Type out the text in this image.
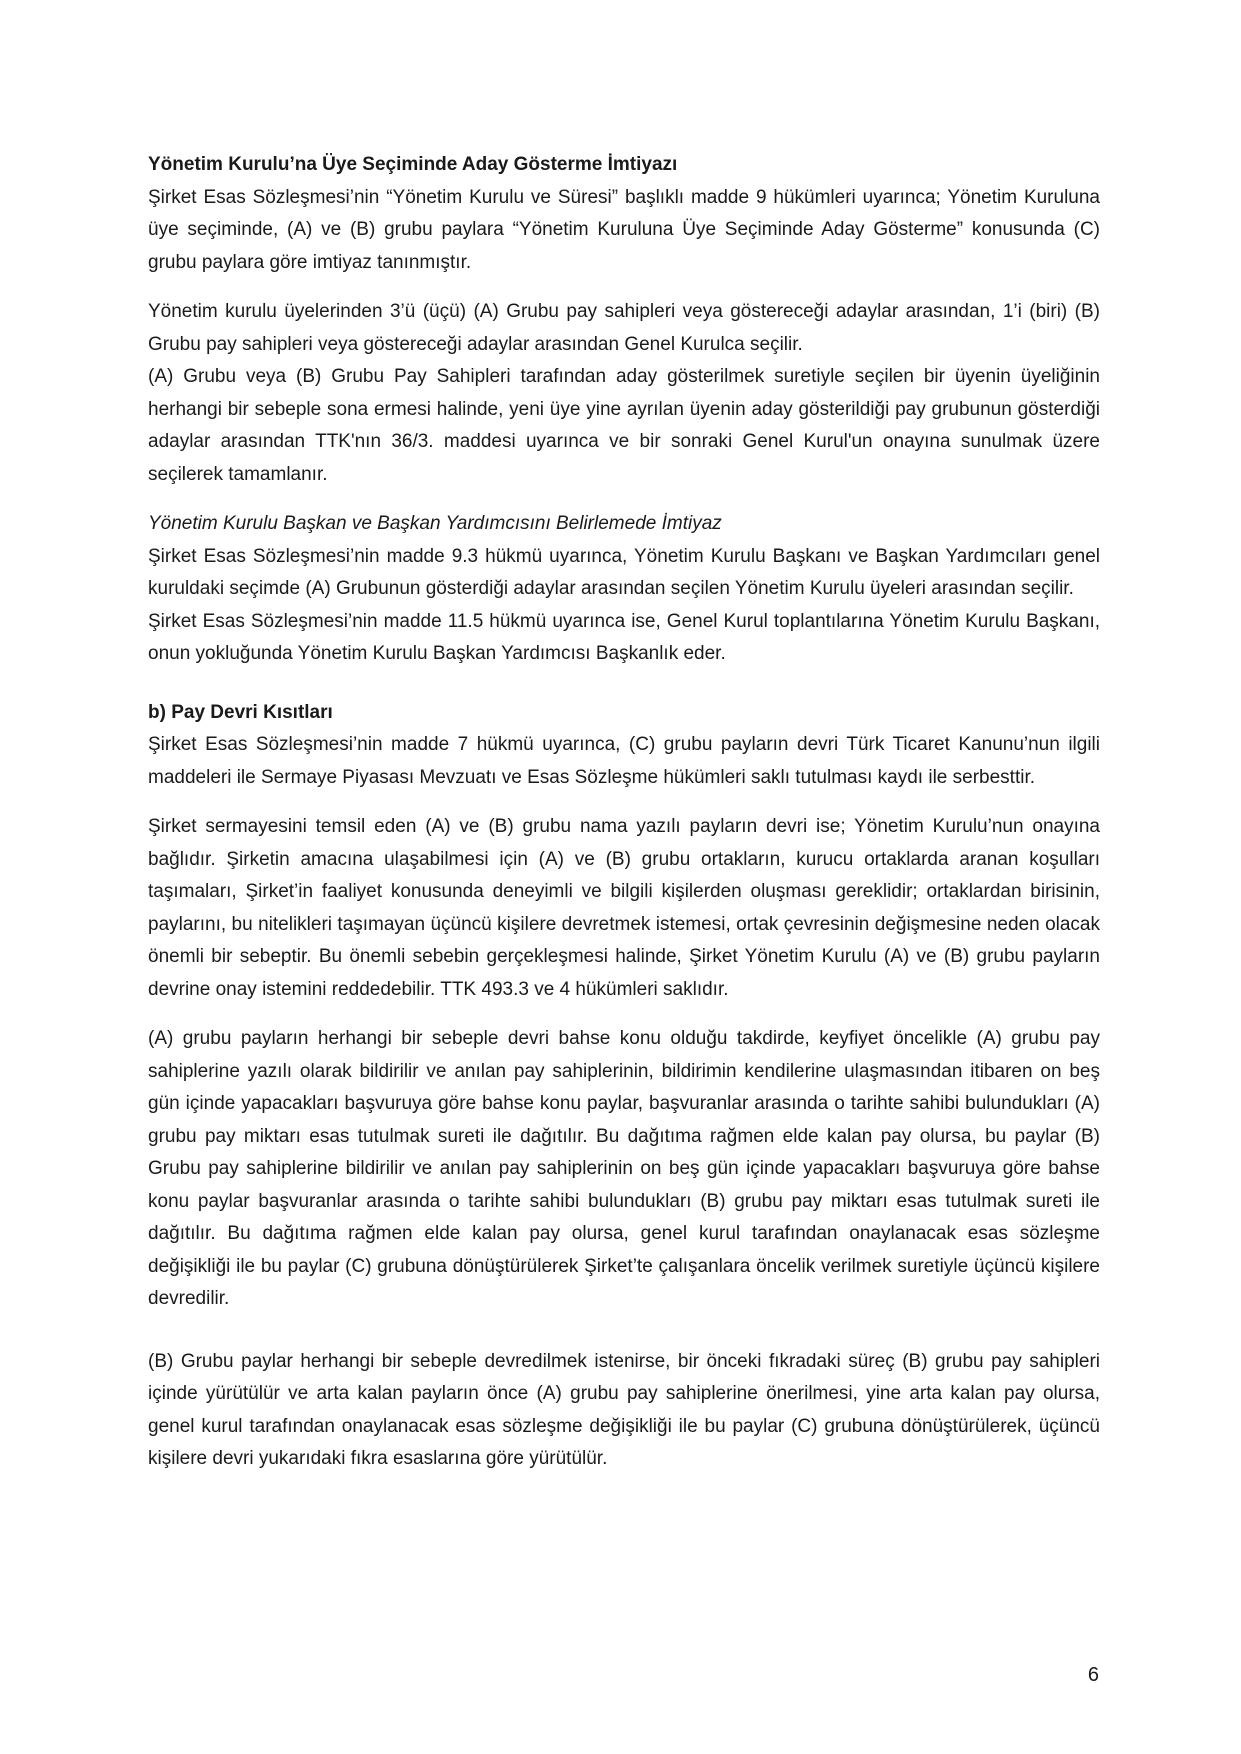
Yönetim Kurulu’na Üye Seçiminde Aday Gösterme İmtiyazı

Şirket Esas Sözleşmesi’nin “Yönetim Kurulu ve Süresi” başlıklı madde 9 hükümleri uyarınca; Yönetim Kuruluna üye seçiminde, (A) ve (B) grubu paylara “Yönetim Kuruluna Üye Seçiminde Aday Gösterme” konusunda (C) grubu paylara göre imtiyaz tanınmıştır.

Yönetim kurulu üyelerinden 3’ü (üçü) (A) Grubu pay sahipleri veya göstereceği adaylar arasından, 1’i (biri) (B) Grubu pay sahipleri veya göstereceği adaylar arasından Genel Kurulca seçilir.

(A) Grubu veya (B) Grubu Pay Sahipleri tarafından aday gösterilmek suretiyle seçilen bir üyenin üyeliğinin herhangi bir sebeple sona ermesi halinde, yeni üye yine ayrılan üyenin aday gösterildiği pay grubunun gösterdiği adaylar arasından TTK'nın 36/3. maddesi uyarınca ve bir sonraki Genel Kurul'un onayına sunulmak üzere seçilerek tamamlanır.

Yönetim Kurulu Başkan ve Başkan Yardımcısını Belirlemede İmtiyaz

Şirket Esas Sözleşmesi’nin madde 9.3 hükmü uyarınca, Yönetim Kurulu Başkanı ve Başkan Yardımcıları genel kuruldaki seçimde (A) Grubunun gösterdiği adaylar arasından seçilen Yönetim Kurulu üyeleri arasından seçilir.

Şirket Esas Sözleşmesi’nin madde 11.5 hükmü uyarınca ise, Genel Kurul toplantılarına Yönetim Kurulu Başkanı, onun yokluğunda Yönetim Kurulu Başkan Yardımcısı Başkanlık eder.

b) Pay Devri Kısıtları

Şirket Esas Sözleşmesi’nin madde 7 hükmü uyarınca, (C) grubu payların devri Türk Ticaret Kanunu’nun ilgili maddeleri ile Sermaye Piyasası Mevzuatı ve Esas Sözleşme hükümleri saklı tutulması kaydı ile serbesttir.

Şirket sermayesini temsil eden (A) ve (B) grubu nama yazılı payların devri ise; Yönetim Kurulu’nun onayına bağlıdır. Şirketin amacına ulaşabilmesi için (A) ve (B) grubu ortakların, kurucu ortaklarda aranan koşulları taşımaları, Şirket’in faaliyet konusunda deneyimli ve bilgili kişilerden oluşması gereklidir; ortaklardan birisinin, paylarını, bu nitelikleri taşımayan üçüncü kişilere devretmek istemesi, ortak çevresinin değişmesine neden olacak önemli bir sebeptir. Bu önemli sebebin gerçekleşmesi halinde, Şirket Yönetim Kurulu (A) ve (B) grubu payların devrine onay istemini reddedebilir. TTK 493.3 ve 4 hükümleri saklıdır.

(A) grubu payların herhangi bir sebeple devri bahse konu olduğu takdirde, keyfiyet öncelikle (A) grubu pay sahiplerine yazılı olarak bildirilir ve anılan pay sahiplerinin, bildirimin kendilerine ulaşmasından itibaren on beş gün içinde yapacakları başvuruya göre bahse konu paylar, başvuranlar arasında o tarihte sahibi bulundukları (A) grubu pay miktarı esas tutulmak sureti ile dağıtılır. Bu dağıtıma rağmen elde kalan pay olursa, bu paylar (B) Grubu pay sahiplerine bildirilir ve anılan pay sahiplerinin on beş gün içinde yapacakları başvuruya göre bahse konu paylar başvuranlar arasında o tarihte sahibi bulundukları (B) grubu pay miktarı esas tutulmak sureti ile dağıtılır. Bu dağıtıma rağmen elde kalan pay olursa, genel kurul tarafından onaylanacak esas sözleşme değişikliği ile bu paylar (C) grubuna dönüştürülerek Şirket’te çalışanlara öncelik verilmek suretiyle üçüncü kişilere devredilir.

(B) Grubu paylar herhangi bir sebeple devredilmek istenirse, bir önceki fıkradaki süreç (B) grubu pay sahipleri içinde yürütülür ve arta kalan payların önce (A) grubu pay sahiplerine önerilmesi, yine arta kalan pay olursa, genel kurul tarafından onaylanacak esas sözleşme değişikliği ile bu paylar (C) grubuna dönüştürülerek, üçüncü kişilere devri yukarıdaki fıkra esaslarına göre yürütülür.

6
